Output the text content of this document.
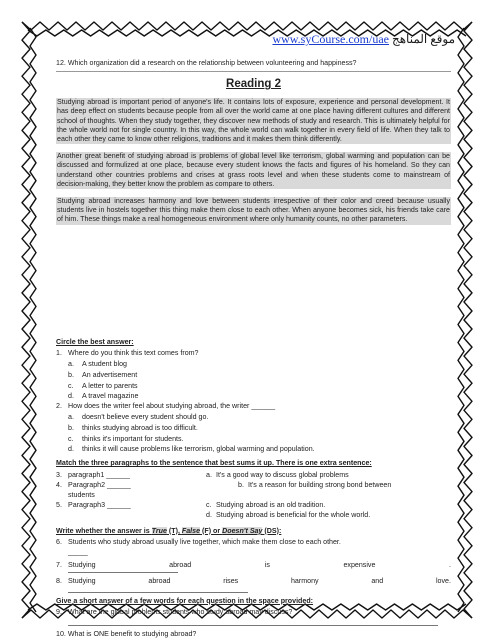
www.syCourse.com/uae موقع المناهج
12. Which organization did a research on the relationship between volunteering and happiness?
Reading 2

Studying abroad is important period of anyone's life. It contains lots of exposure, experience and personal development. It has deep effect on students because people from all over the world came at one place having different cultures and different school of thoughts. When they study together, they discover new methods of study and research. This is ultimately helpful for the whole world not for single country. In this way, the whole world can walk together in every field of life. When they talk to each other they came to know other religions, traditions and it makes them think differently.

Another great benefit of studying abroad is problems of global level like terrorism, global warming and population can be discussed and formulized at one place, because every student knows the facts and figures of his homeland. So they can understand other countries problems and crises at grass roots level and when these students come to mainstream of decision-making, they better know the problem as compare to others.

Studying abroad increases harmony and love between students irrespective of their color and creed because usually students live in hostels together this thing make them close to each other. When anyone becomes sick, his friends take care of him. These things make a real homogeneous environment where only humanity counts, no other parameters.

Circle the best answer:
1. Where do you think this text comes from?
a.	A student blog
b.	An advertisement
c.	A letter to parents
d.	A travel magazine
2. How does the writer feel about studying abroad, the writer ______
a.	doesn't believe every student should go.
b.	thinks studying abroad is too difficult.
c.	thinks it's important for students.
d.	thinks it will cause problems like terrorism, global warming and population.
Match the three paragraphs to the sentence that best sums it up. There is one extra sentence:
3. paragraph1 ______	a. It's a good way to discuss global problems
4. Paragraph2 ______	b. It's a reason for building strong bond between
students
5. Paragraph3 ______	c. Studying abroad is an old tradition.
d. Studying abroad is beneficial for the whole world.
Write whether the answer is True (T), False (F) or Doesn't Say (DS):
6. Students who study abroad usually live together, which make them close to each other.
_____
7. Studying	abroad	is	expensive	.
8. Studying	abroad	rises	harmony	and	love.
Give a short answer of a few words for each question in the space provided:
9. What are the global problems students who study abroad may discuss?
10. What is ONE benefit to studying abroad?
